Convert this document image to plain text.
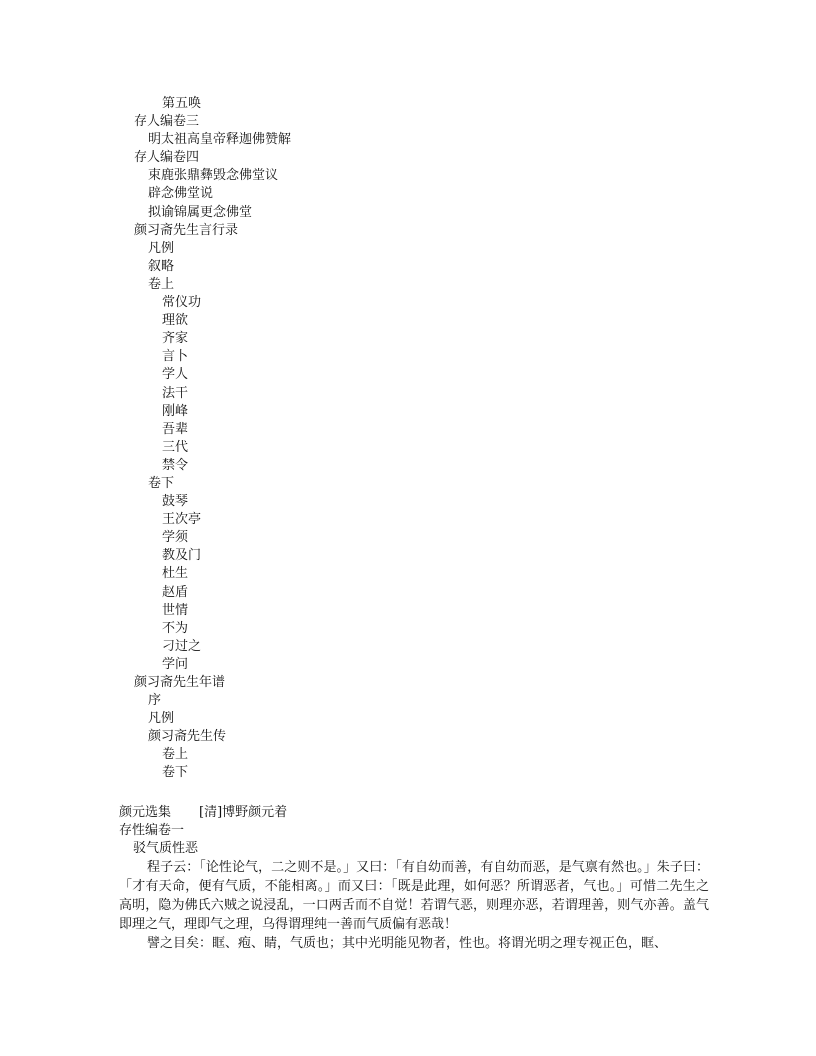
第五唤
存人编卷三
明太祖高皇帝释迦佛赞解
存人编卷四
束鹿张鼎彝毁念佛堂议
辟念佛堂说
拟谕锦属更念佛堂
颜习斋先生言行录
凡例
叙略
卷上
常仪功
理欲
齐家
言卜
学人
法干
刚峰
吾辈
三代
禁令
卷下
鼓琴
王次亭
学须
教及门
杜生
赵盾
世情
不为
刁过之
学问
颜习斋先生年谱
序
凡例
颜习斋先生传
卷上
卷下
颜元选集 [清]博野颜元着
存性编卷一
驳气质性恶

程子云：「论性论气，二之则不是。」又曰：「有自幼而善，有自幼而恶，是气禀有然也。」朱子曰：「才有天命，便有气质，不能相离。」而又曰：「既是此理，如何恶？所谓恶者，气也。」可惜二先生之高明，隐为佛氏六贼之说浸乱，一口两舌而不自觉！若谓气恶，则理亦恶，若谓理善，则气亦善。盖气即理之气，理即气之理，乌得谓理纯一善而气质偏有恶哉！

譬之目矣：眶、疱、睛，气质也；其中光明能见物者，性也。将谓光明之理专视正色，眶、
